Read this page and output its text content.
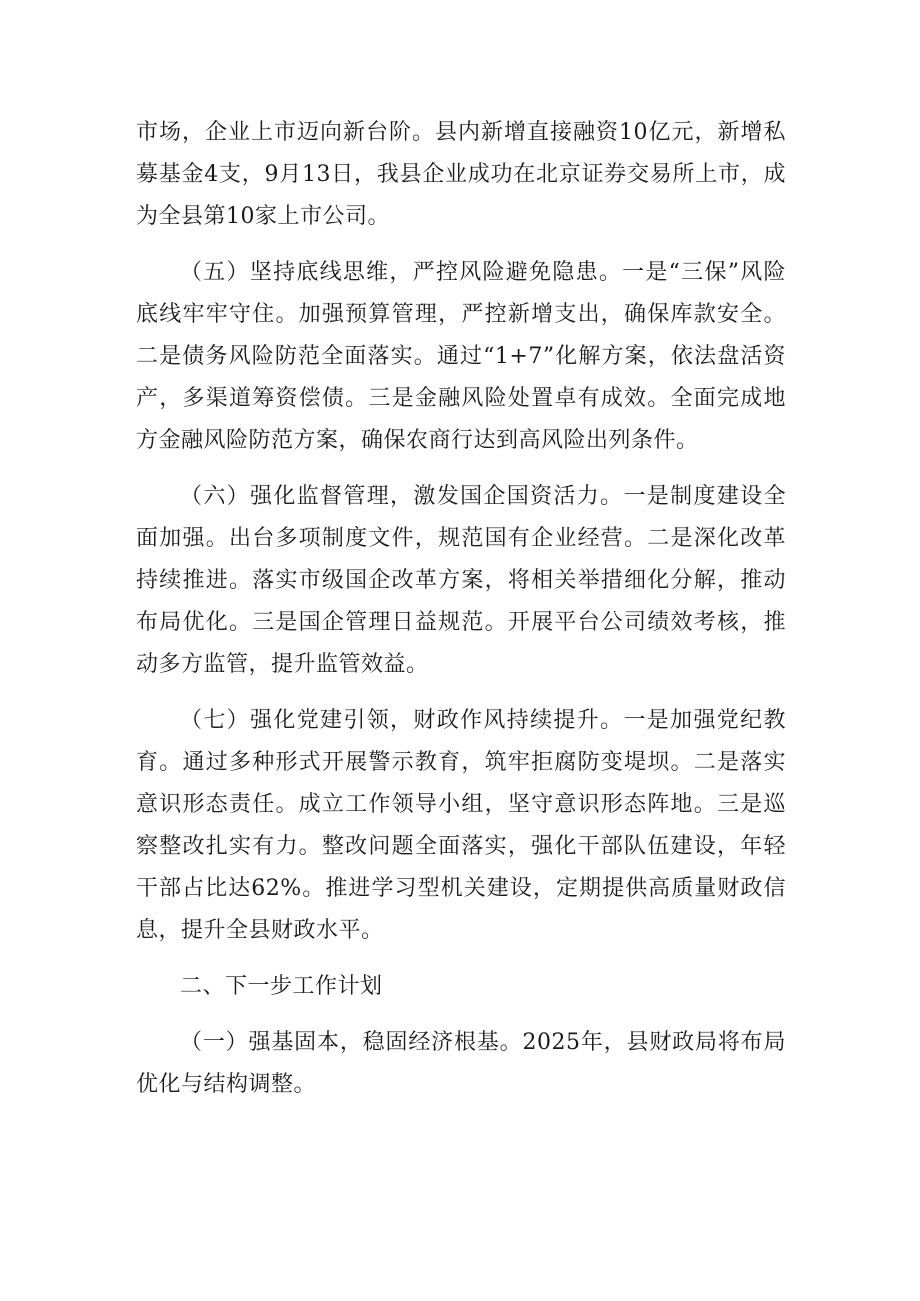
市场，企业上市迈向新台阶。县内新增直接融资10亿元，新增私募基金4支，9月13日，我县企业成功在北京证券交易所上市，成为全县第10家上市公司。

（五）坚持底线思维，严控风险避免隐患。一是“三保”风险底线牢牢守住。加强预算管理，严控新增支出，确保库款安全。二是债务风险防范全面落实。通过“1+7”化解方案，依法盘活资产，多渠道筹资偿债。三是金融风险处置卓有成效。全面完成地方金融风险防范方案，确保农商行达到高风险出列条件。

（六）强化监督管理，激发国企国资活力。一是制度建设全面加强。出台多项制度文件，规范国有企业经营。二是深化改革持续推进。落实市级国企改革方案，将相关举措细化分解，推动布局优化。三是国企管理日益规范。开展平台公司绩效考核，推动多方监管，提升监管效益。

（七）强化党建引领，财政作风持续提升。一是加强党纪教育。通过多种形式开展警示教育，筑牢拒腐防变堤坝。二是落实意识形态责任。成立工作领导小组，坚守意识形态阵地。三是巡察整改扎实有力。整改问题全面落实，强化干部队伍建设，年轻干部占比达62%。推进学习型机关建设，定期提供高质量财政信息，提升全县财政水平。

二、下一步工作计划

（一）强基固本，稳固经济根基。2025年，县财政局将布局优化与结构调整。
